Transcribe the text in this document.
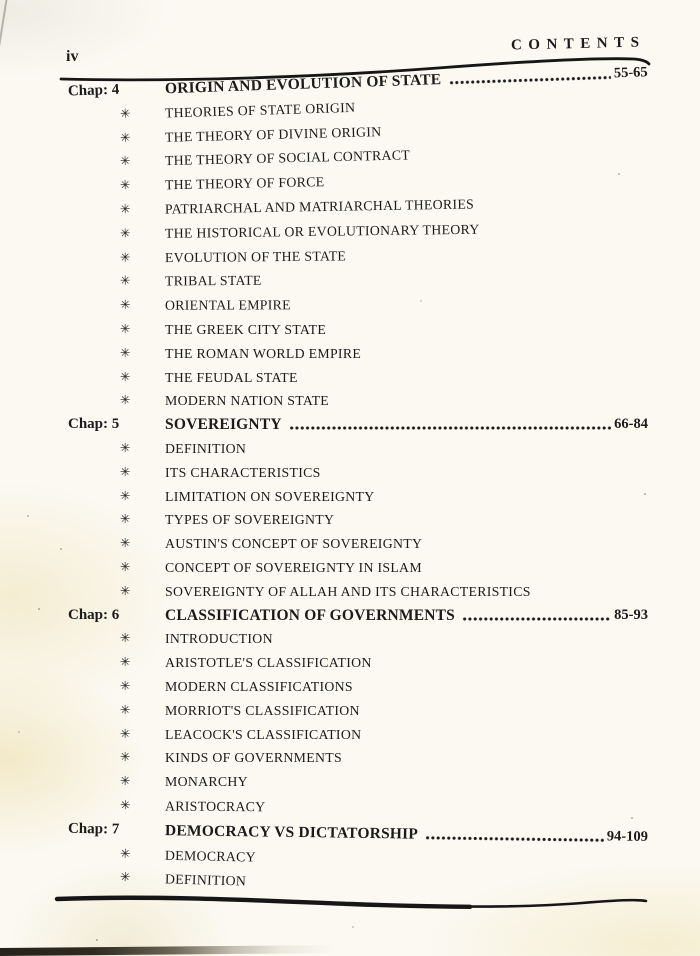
iv
CONTENTS
Chap: 4	ORIGIN AND EVOLUTION OF STATE	55-65
✳	THEORIES OF STATE ORIGIN
✳	THE THEORY OF DIVINE ORIGIN
✳	THE THEORY OF SOCIAL CONTRACT
✳	THE THEORY OF FORCE
✳	PATRIARCHAL AND MATRIARCHAL THEORIES
✳	THE HISTORICAL OR EVOLUTIONARY THEORY
✳	EVOLUTION OF THE STATE
✳	TRIBAL STATE
✳	ORIENTAL EMPIRE
✳	THE GREEK CITY STATE
✳	THE ROMAN WORLD EMPIRE
✳	THE FEUDAL STATE
✳	MODERN NATION STATE
Chap: 5	SOVEREIGNTY	66-84
✳	DEFINITION
✳	ITS CHARACTERISTICS
✳	LIMITATION ON SOVEREIGNTY
✳	TYPES OF SOVEREIGNTY
✳	AUSTIN'S CONCEPT OF SOVEREIGNTY
✳	CONCEPT OF SOVEREIGNTY IN ISLAM
✳	SOVEREIGNTY OF ALLAH AND ITS CHARACTERISTICS
Chap: 6	CLASSIFICATION OF GOVERNMENTS	85-93
✳	INTRODUCTION
✳	ARISTOTLE'S CLASSIFICATION
✳	MODERN CLASSIFICATIONS
✳	MORRIOT'S CLASSIFICATION
✳	LEACOCK'S CLASSIFICATION
✳	KINDS OF GOVERNMENTS
✳	MONARCHY
✳	ARISTOCRACY
Chap: 7	DEMOCRACY VS DICTATORSHIP	94-109
✳	DEMOCRACY
✳	DEFINITION
